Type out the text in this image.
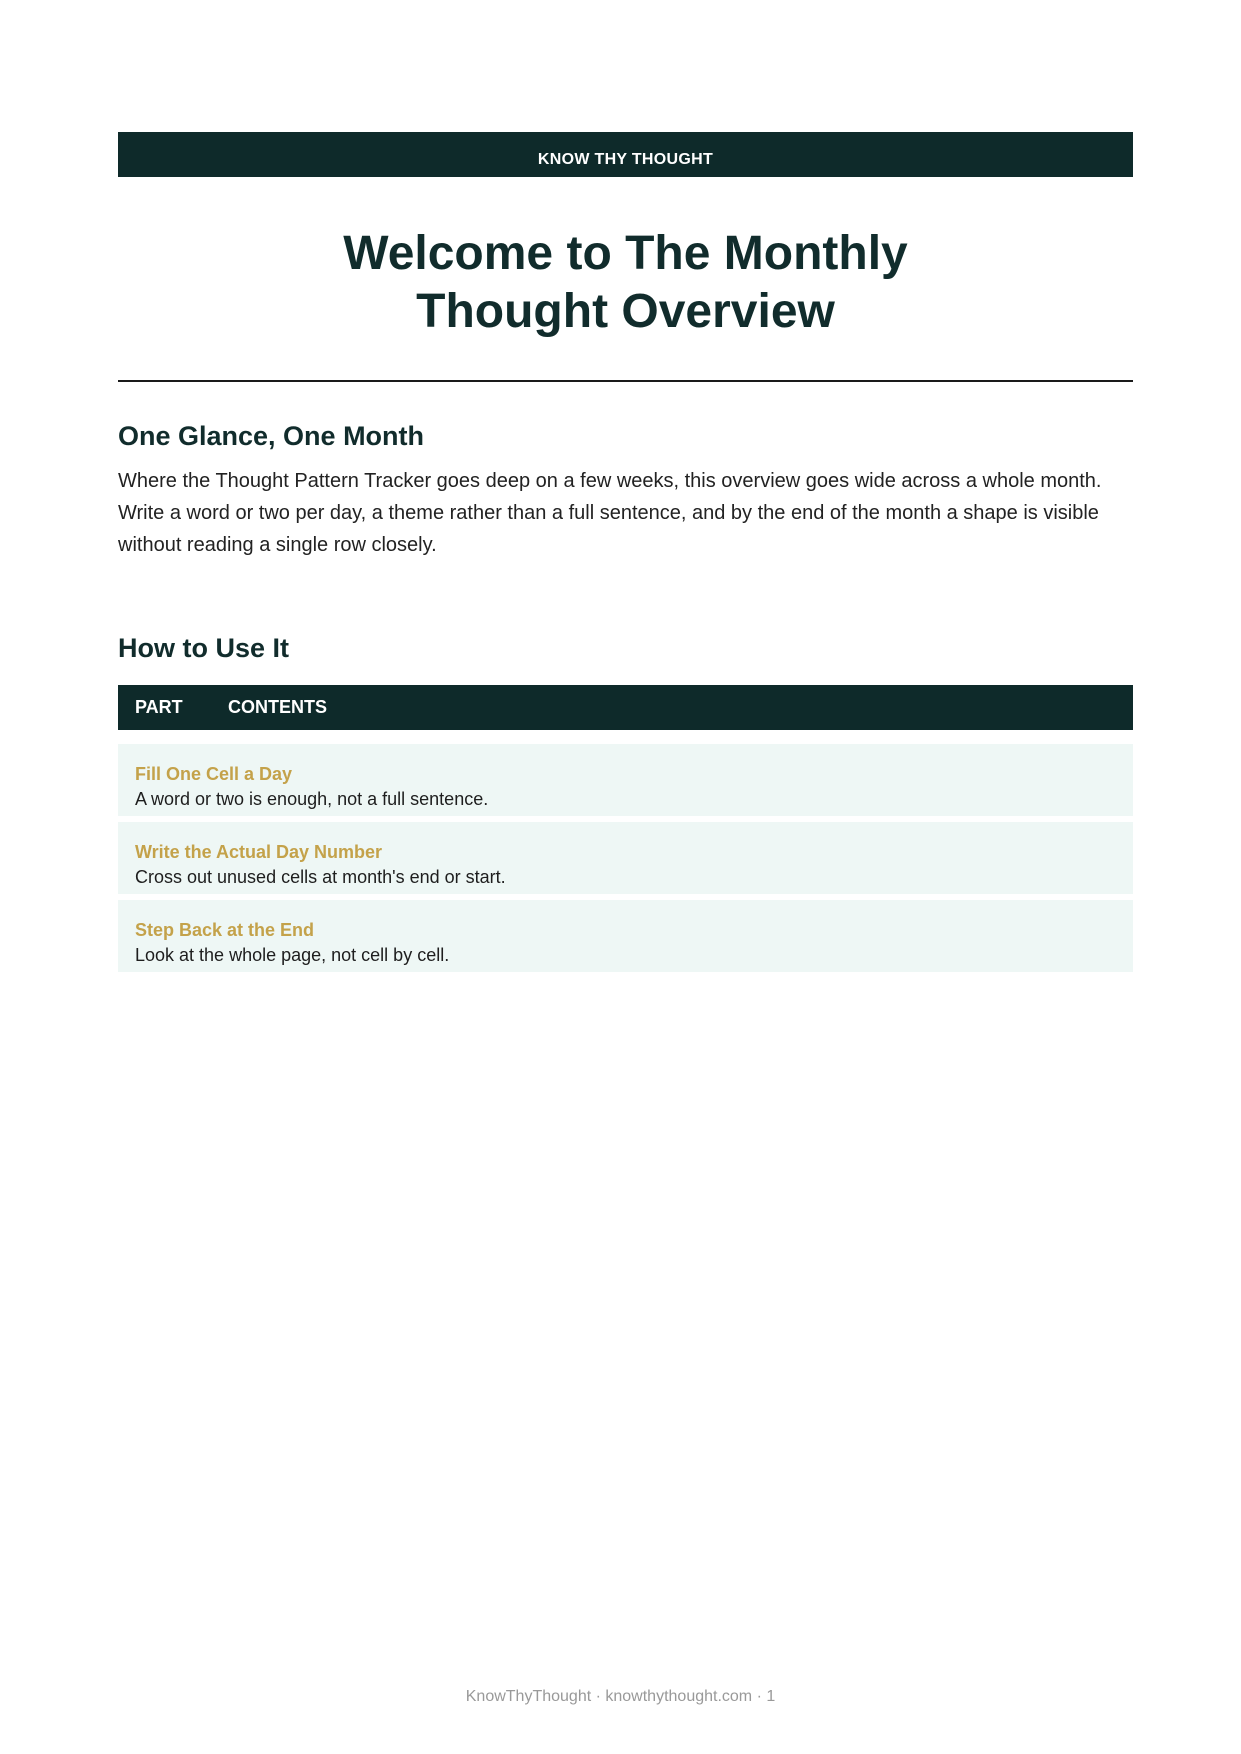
KNOW THY THOUGHT
Welcome to The Monthly
Thought Overview
One Glance, One Month

Where the Thought Pattern Tracker goes deep on a few weeks, this overview goes wide across a whole month. Write a word or two per day, a theme rather than a full sentence, and by the end of the month a shape is visible without reading a single row closely.

How to Use It
PART	CONTENTS
Fill One Cell a Day
A word or two is enough, not a full sentence.
Write the Actual Day Number
Cross out unused cells at month's end or start.
Step Back at the End
Look at the whole page, not cell by cell.
KnowThyThought · knowthythought.com · 1
